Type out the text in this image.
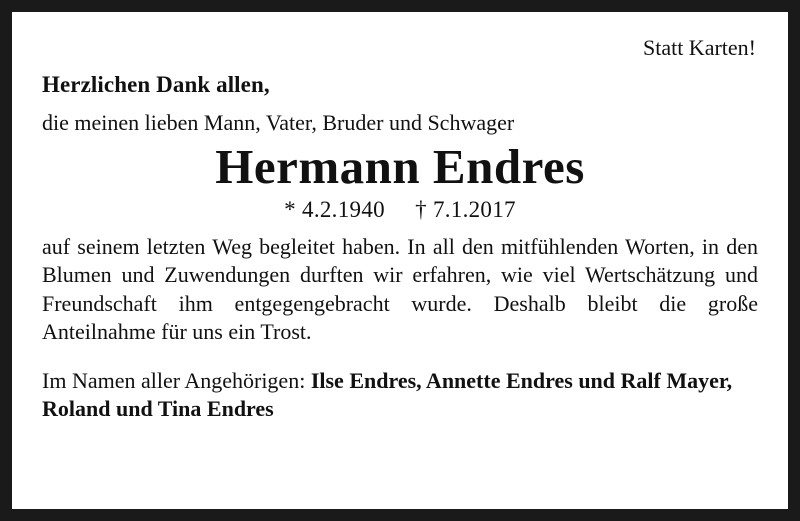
Statt Karten!
Herzlichen Dank allen,
die meinen lieben Mann, Vater, Bruder und Schwager
Hermann Endres
* 4.2.1940 † 7.1.2017
auf seinem letzten Weg begleitet haben. In all den mitfühlenden Worten, in den Blumen und Zuwendungen durften wir erfahren, wie viel Wertschätzung und Freundschaft ihm entgegengebracht wurde. Deshalb bleibt die große Anteilnahme für uns ein Trost.
Im Namen aller Angehörigen: Ilse Endres, Annette Endres und Ralf Mayer, Roland und Tina Endres
